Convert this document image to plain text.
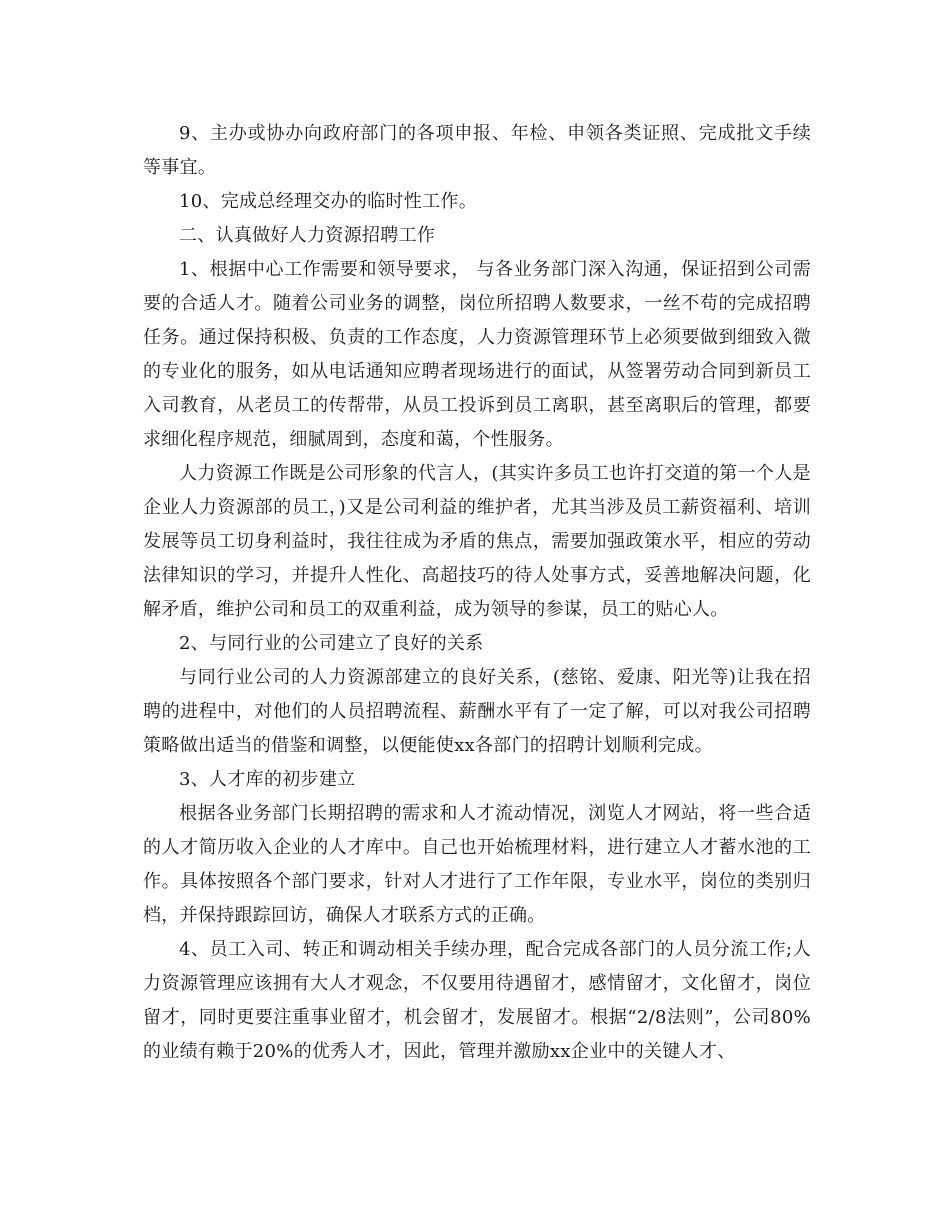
9、主办或协办向政府部门的各项申报、年检、申领各类证照、完成批文手续等事宜。

10、完成总经理交办的临时性工作。

二、认真做好人力资源招聘工作

1、根据中心工作需要和领导要求， 与各业务部门深入沟通，保证招到公司需要的合适人才。随着公司业务的调整，岗位所招聘人数要求，一丝不苟的完成招聘任务。通过保持积极、负责的工作态度，人力资源管理环节上必须要做到细致入微的专业化的服务，如从电话通知应聘者现场进行的面试，从签署劳动合同到新员工入司教育，从老员工的传帮带，从员工投诉到员工离职，甚至离职后的管理，都要求细化程序规范，细腻周到，态度和蔼，个性服务。

人力资源工作既是公司形象的代言人，(其实许多员工也许打交道的第一个人是企业人力资源部的员工，)又是公司利益的维护者，尤其当涉及员工薪资福利、培训发展等员工切身利益时，我往往成为矛盾的焦点，需要加强政策水平，相应的劳动法律知识的学习，并提升人性化、高超技巧的待人处事方式，妥善地解决问题，化解矛盾，维护公司和员工的双重利益，成为领导的参谋，员工的贴心人。

2、与同行业的公司建立了良好的关系

与同行业公司的人力资源部建立的良好关系，(慈铭、爱康、阳光等)让我在招聘的进程中，对他们的人员招聘流程、薪酬水平有了一定了解，可以对我公司招聘策略做出适当的借鉴和调整，以便能使xx各部门的招聘计划顺利完成。

3、人才库的初步建立

根据各业务部门长期招聘的需求和人才流动情况，浏览人才网站，将一些合适的人才简历收入企业的人才库中。自己也开始梳理材料，进行建立人才蓄水池的工作。具体按照各个部门要求，针对人才进行了工作年限，专业水平，岗位的类别归档，并保持跟踪回访，确保人才联系方式的正确。

4、员工入司、转正和调动相关手续办理，配合完成各部门的人员分流工作;人力资源管理应该拥有大人才观念，不仅要用待遇留才，感情留才，文化留才，岗位留才，同时更要注重事业留才，机会留才，发展留才。根据“2/8法则”，公司80%的业绩有赖于20%的优秀人才，因此，管理并激励xx企业中的关键人才、
